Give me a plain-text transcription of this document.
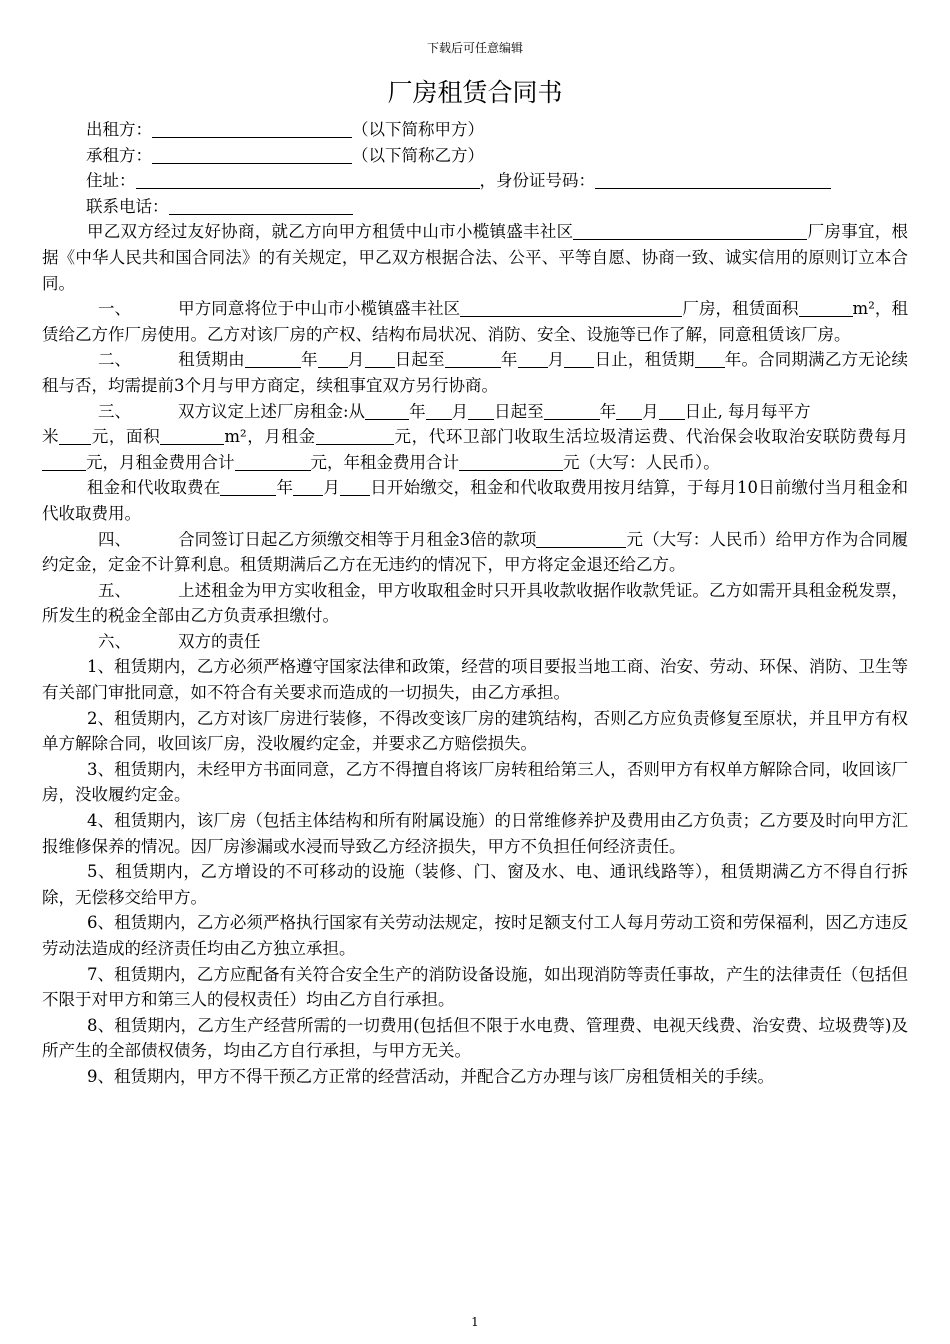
下载后可任意编辑
厂房租赁合同书

出租方：	（以下简称甲方）

承租方：	（以下简称乙方）

住址：	，身份证号码：

联系电话：

甲乙双方经过友好协商，就乙方向甲方租赁中山市小榄镇盛丰社区	厂房事宜，根据《中华人民共和国合同法》的有关规定，甲乙双方根据合法、公平、平等自愿、协商一致、诚实信用的原则订立本合同。

一、	甲方同意将位于中山市小榄镇盛丰社区	厂房，租赁面积	m²，租赁给乙方作厂房使用。乙方对该厂房的产权、结构布局状况、消防、安全、设施等已作了解，同意租赁该厂房。

二、	租赁期由	年 月 日起至	年 月 日止，租赁期 年。合同期满乙方无论续租与否，均需提前3个月与甲方商定，续租事宜双方另行协商。

三、	双方议定上述厂房租金:从	年 月 日起至	年 月 日止, 每月每平方
米 元，面积	m²，月租金	元，代环卫部门收取生活垃圾清运费、代治保会收取治安联防费每月元，月租金费用合计	元，年租金费用合计	元（大写：人民币）。

租金和代收取费在	年 月 日开始缴交，租金和代收取费用按月结算，于每月10日前缴付当月租金和代收取费用。

四、	合同签订日起乙方须缴交相等于月租金3倍的款项	元（大写：人民币）给甲方作为合同履约定金，定金不计算利息。租赁期满后乙方在无违约的情况下，甲方将定金退还给乙方。

五、	上述租金为甲方实收租金，甲方收取租金时只开具收款收据作收款凭证。乙方如需开具租金税发票，所发生的税金全部由乙方负责承担缴付。

六、	双方的责任

1、租赁期内，乙方必须严格遵守国家法律和政策，经营的项目要报当地工商、治安、劳动、环保、消防、卫生等有关部门审批同意，如不符合有关要求而造成的一切损失，由乙方承担。

2、租赁期内，乙方对该厂房进行装修，不得改变该厂房的建筑结构，否则乙方应负责修复至原状，并且甲方有权单方解除合同，收回该厂房，没收履约定金，并要求乙方赔偿损失。

3、租赁期内，未经甲方书面同意，乙方不得擅自将该厂房转租给第三人，否则甲方有权单方解除合同，收回该厂房，没收履约定金。

4、租赁期内，该厂房（包括主体结构和所有附属设施）的日常维修养护及费用由乙方负责；乙方要及时向甲方汇报维修保养的情况。因厂房渗漏或水浸而导致乙方经济损失，甲方不负担任何经济责任。

5、租赁期内，乙方增设的不可移动的设施（装修、门、窗及水、电、通讯线路等），租赁期满乙方不得自行拆除，无偿移交给甲方。

6、租赁期内，乙方必须严格执行国家有关劳动法规定，按时足额支付工人每月劳动工资和劳保福利，因乙方违反劳动法造成的经济责任均由乙方独立承担。

7、租赁期内，乙方应配备有关符合安全生产的消防设备设施，如出现消防等责任事故，产生的法律责任（包括但不限于对甲方和第三人的侵权责任）均由乙方自行承担。

8、租赁期内，乙方生产经营所需的一切费用(包括但不限于水电费、管理费、电视天线费、治安费、垃圾费等)及所产生的全部债权债务，均由乙方自行承担，与甲方无关。

9、租赁期内，甲方不得干预乙方正常的经营活动，并配合乙方办理与该厂房租赁相关的手续。

1
